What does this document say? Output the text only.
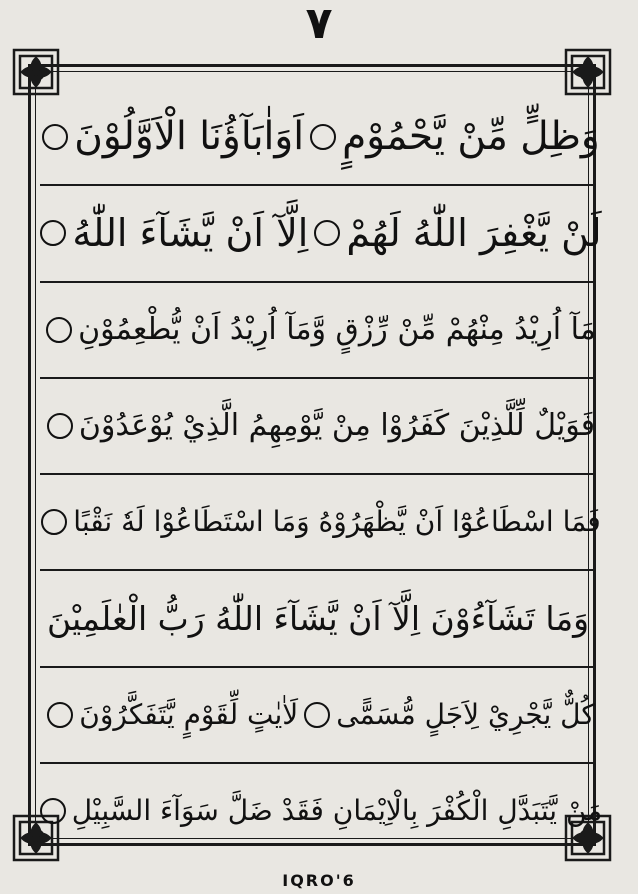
٧
وَظِلٍّ مِّنْ يَّحْمُوْمٍ
اَوَاٰبَآؤُنَا الْاَوَّلُوْنَ
لَنْ يَّغْفِرَ اللّٰهُ لَهُمْ
اِلَّآ اَنْ يَّشَآءَ اللّٰهُ
مَآ اُرِيْدُ مِنْهُمْ مِّنْ رِّزْقٍ وَّمَآ اُرِيْدُ اَنْ يُّطْعِمُوْنِ
فَوَيْلٌ لِّلَّذِيْنَ كَفَرُوْا مِنْ يَّوْمِهِمُ الَّذِيْ يُوْعَدُوْنَ
فَمَا اسْطَاعُوْٓا اَنْ يَّظْهَرُوْهُ وَمَا اسْتَطَاعُوْا لَهٗ نَقْبًا
وَمَا تَشَآءُوْنَ اِلَّآ اَنْ يَّشَآءَ اللّٰهُ رَبُّ الْعٰلَمِيْنَ
كُلٌّ يَّجْرِيْ لِاَجَلٍ مُّسَمًّى
لَاٰيٰتٍ لِّقَوْمٍ يَّتَفَكَّرُوْنَ
مَنْ يَّتَبَدَّلِ الْكُفْرَ بِالْاِيْمَانِ فَقَدْ ضَلَّ سَوَآءَ السَّبِيْلِ
IQRO'6
